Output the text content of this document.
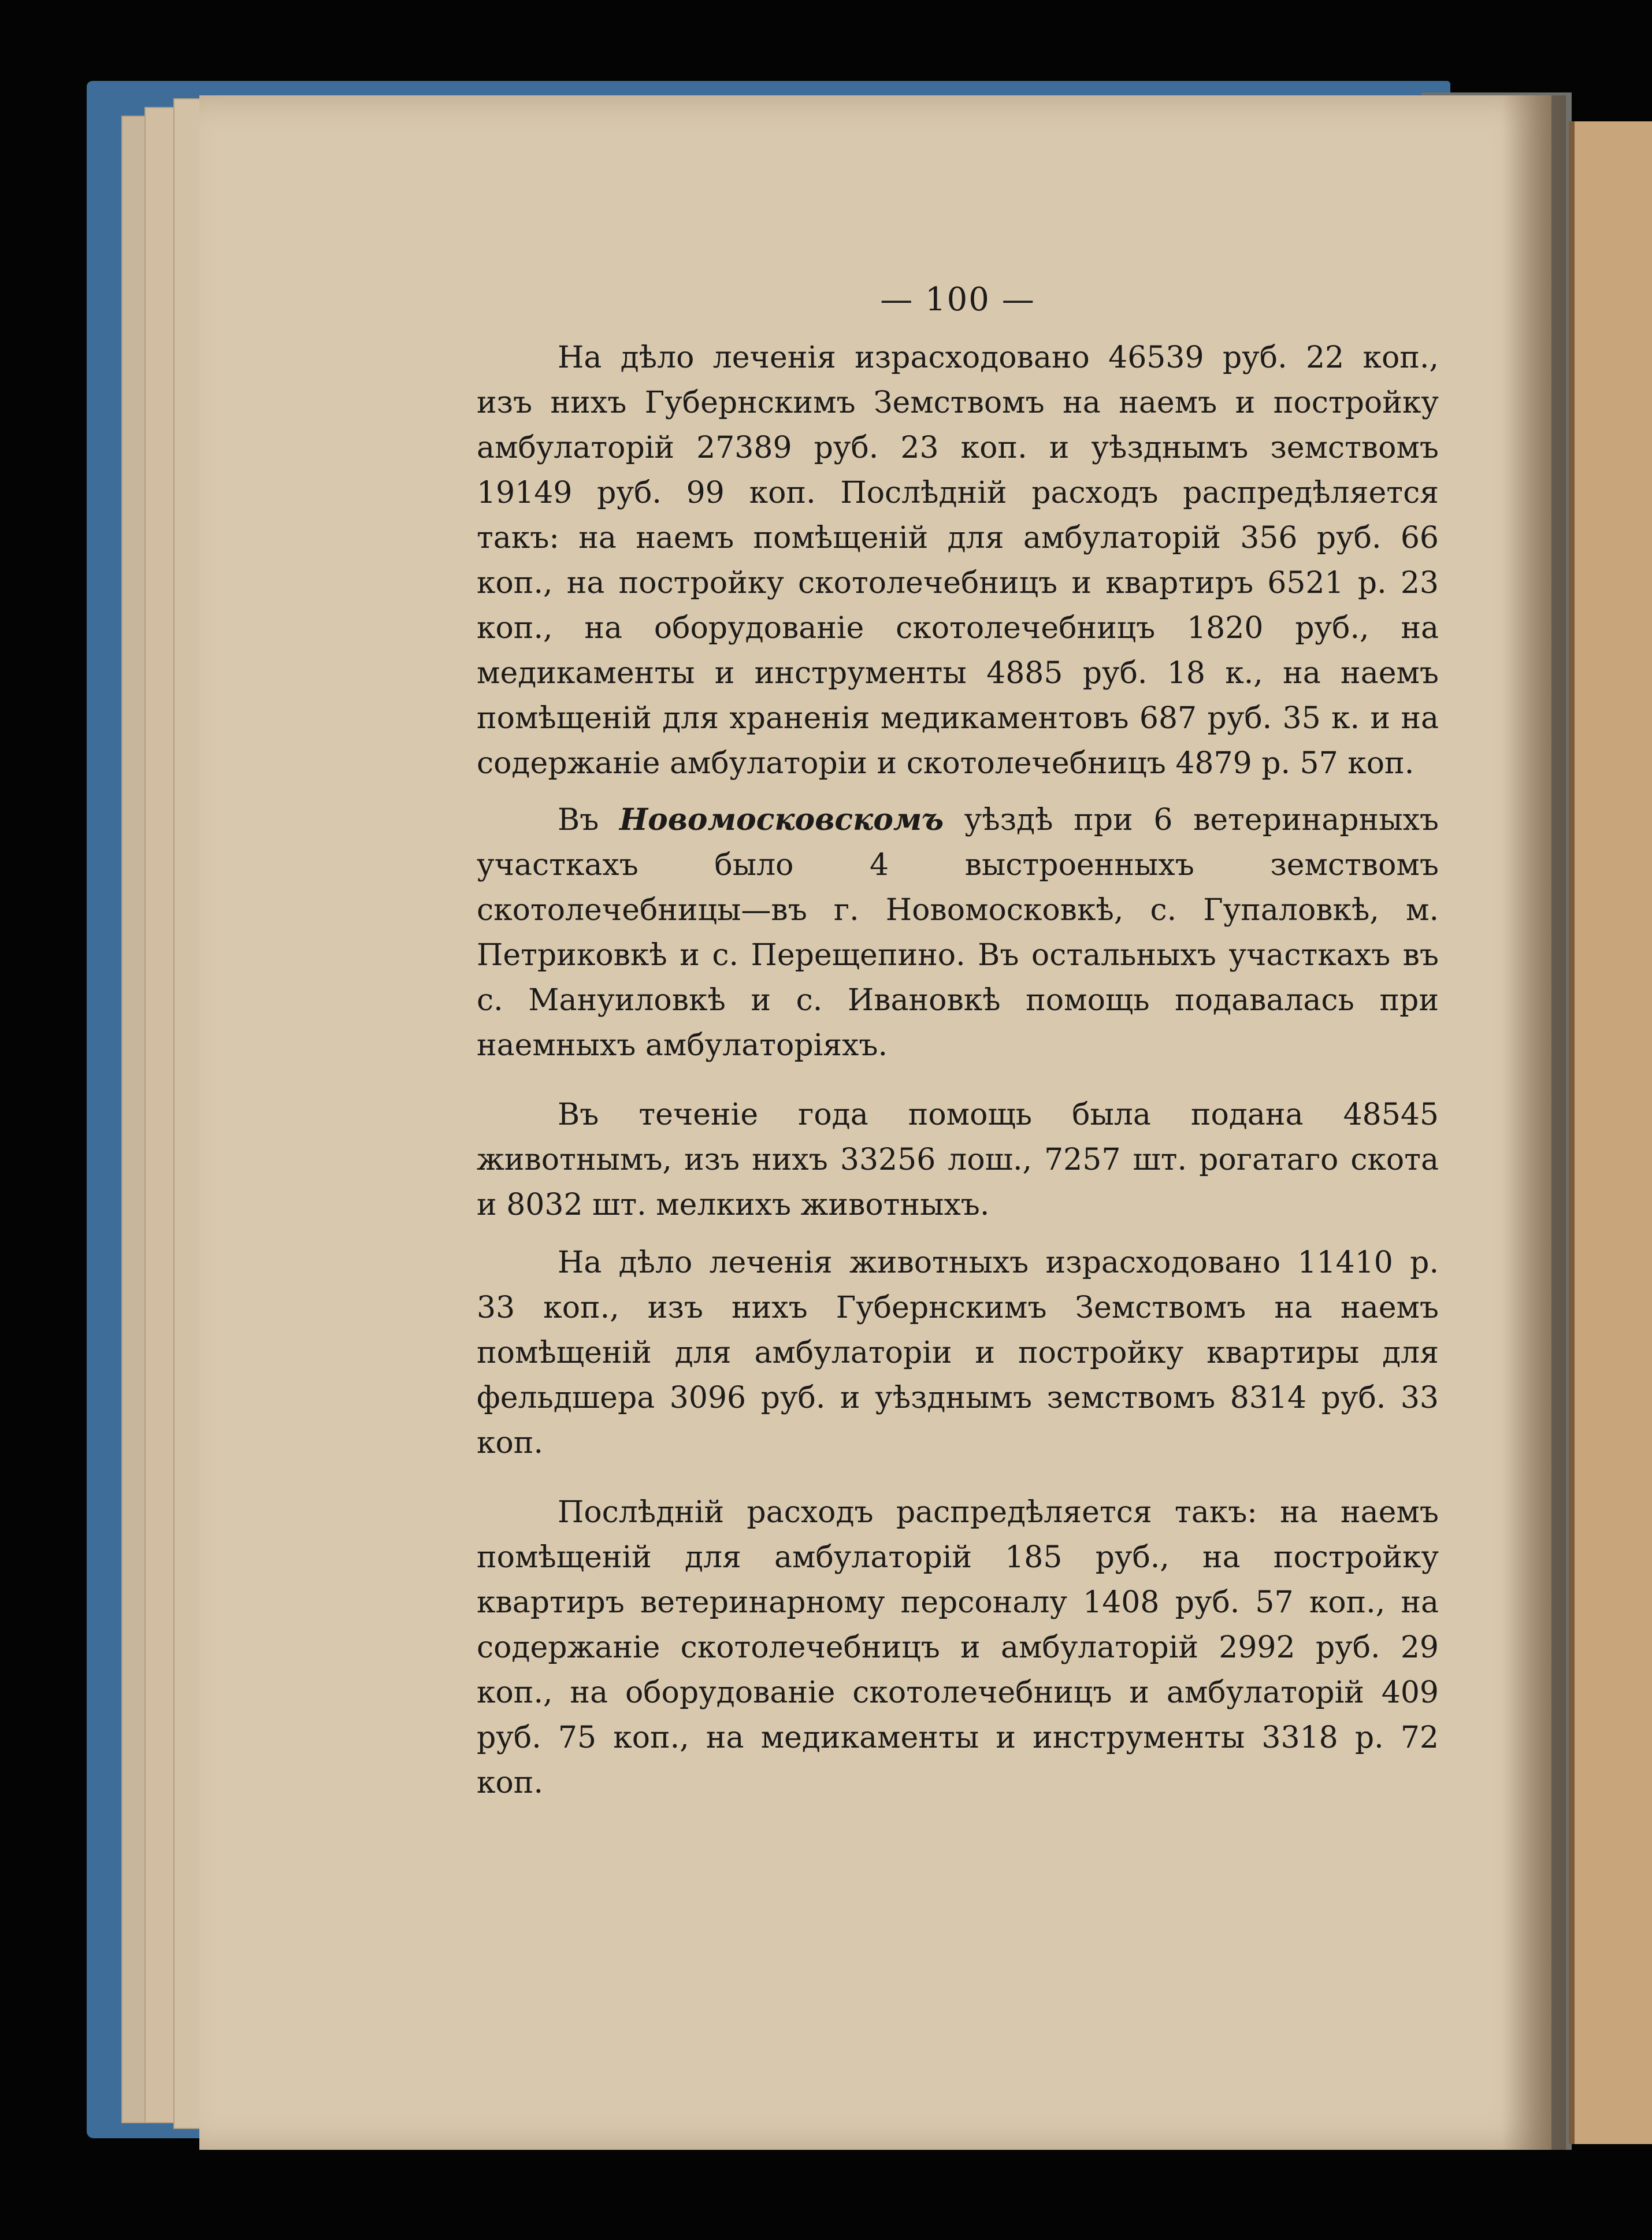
— 100 —

На дѣло леченія израсходовано 46539 руб. 22 коп., изъ нихъ Губернскимъ Земствомъ на наемъ и постройку амбулаторій 27389 руб. 23 коп. и уѣзднымъ земствомъ 19149 руб. 99 коп. Послѣдній расходъ распредѣляется такъ: на наемъ помѣщеній для амбулаторій 356 руб. 66 коп., на постройку скотолечебницъ и квартиръ 6521 р. 23 коп., на оборудованіе скотолечебницъ 1820 руб., на медикаменты и инструменты 4885 руб. 18 к., на наемъ помѣщеній для храненія медикаментовъ 687 руб. 35 к. и на содержаніе амбулаторіи и скотолечебницъ 4879 р. 57 коп.

Въ Новомосковскомъ уѣздѣ при 6 ветеринарныхъ участкахъ было 4 выстроенныхъ земствомъ скотолечебницы—въ г. Новомосковкѣ, с. Гупаловкѣ, м. Петриковкѣ и с. Перещепино. Въ остальныхъ участкахъ въ с. Мануиловкѣ и с. Ивановкѣ помощь подавалась при наемныхъ амбулаторіяхъ.

Въ теченіе года помощь была подана 48545 животнымъ, изъ нихъ 33256 лош., 7257 шт. рогатаго скота и 8032 шт. мелкихъ животныхъ.

На дѣло леченія животныхъ израсходовано 11410 р. 33 коп., изъ нихъ Губернскимъ Земствомъ на наемъ помѣщеній для амбулаторіи и постройку квартиры для фельдшера 3096 руб. и уѣзднымъ земствомъ 8314 руб. 33 коп.

Послѣдній расходъ распредѣляется такъ: на наемъ помѣщеній для амбулаторій 185 руб., на постройку квартиръ ветеринарному персоналу 1408 руб. 57 коп., на содержаніе скотолечебницъ и амбулаторій 2992 руб. 29 коп., на оборудованіе скотолечебницъ и амбулаторій 409 руб. 75 коп., на медикаменты и инструменты 3318 р. 72 коп.
